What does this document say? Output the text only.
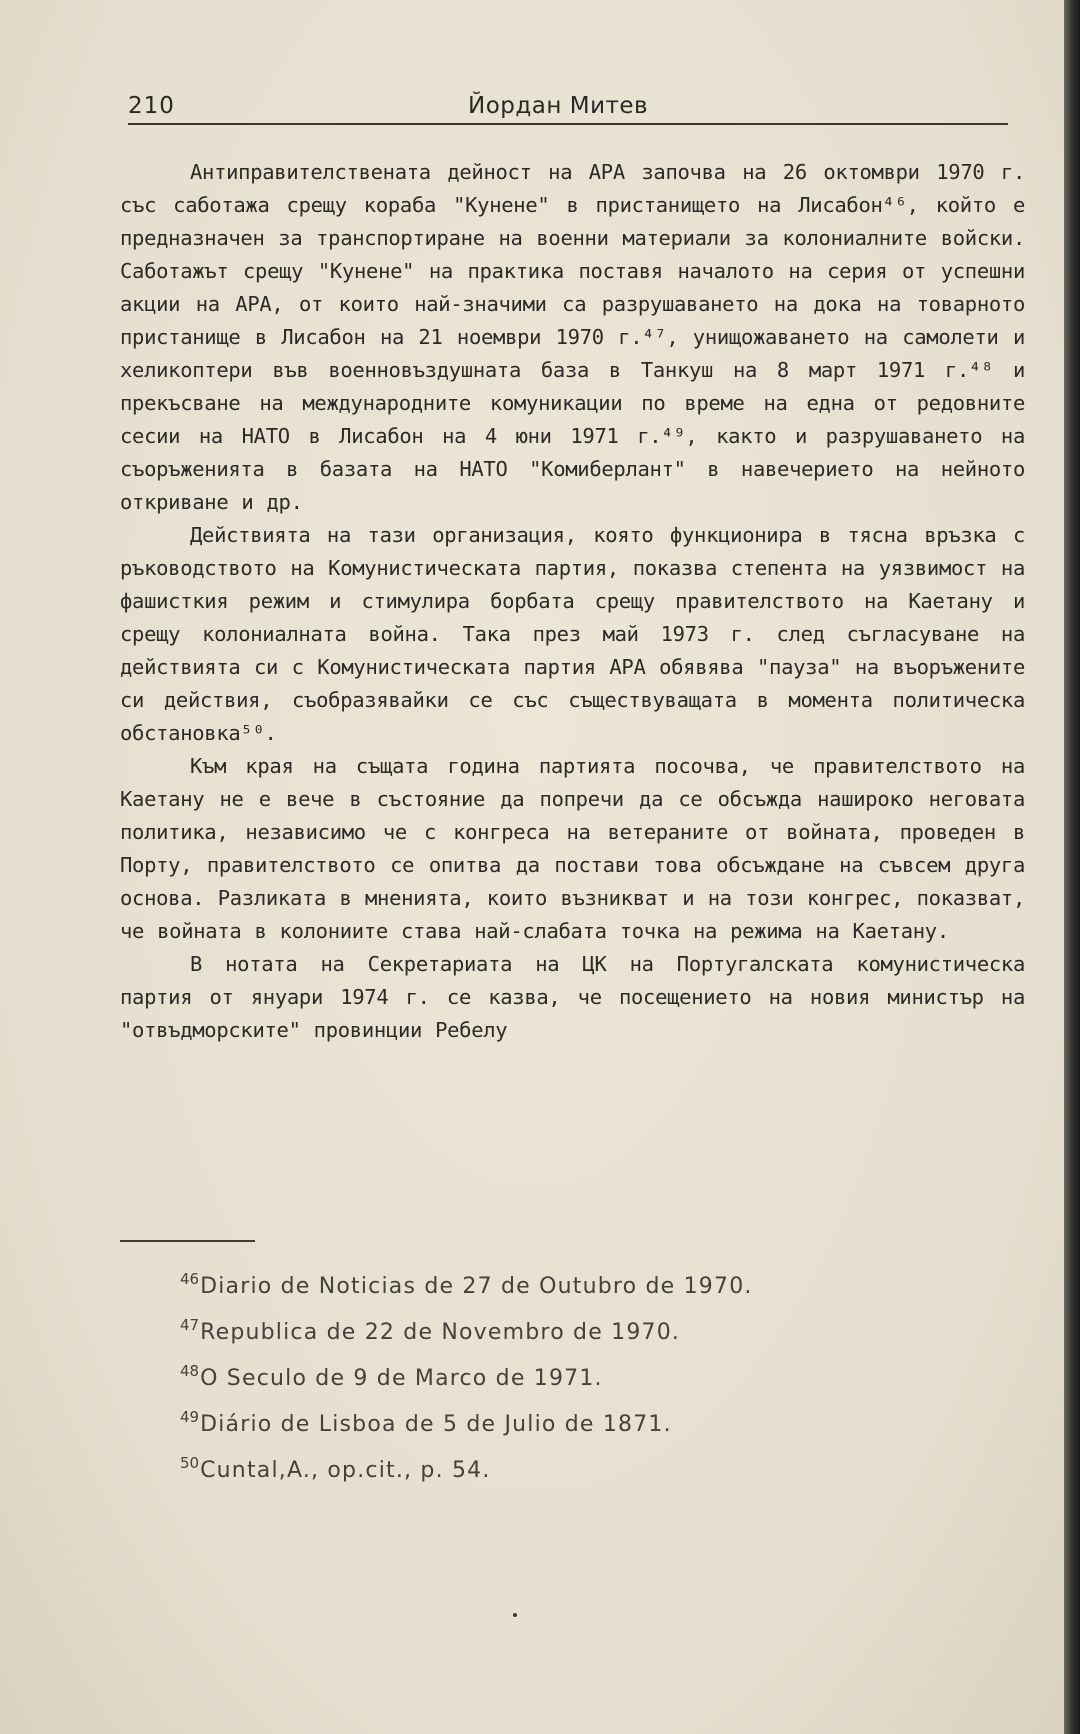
210	Йордан Митев

Антиправителствената дейност на АРА започва на 26 октомври 1970 г. със саботажа срещу кораба "Кунене" в пристанището на Лисабон⁴⁶, който е предназначен за транспортиране на военни материали за колониалните войски. Саботажът срещу "Кунене" на практика поставя началото на серия от успешни акции на АРА, от които най-значими са разрушаването на дока на товарното пристанище в Лисабон на 21 ноември 1970 г.⁴⁷, унищожаването на самолети и хеликоптери във военновъздушната база в Танкуш на 8 март 1971 г.⁴⁸ и прекъсване на международните комуникации по време на една от редовните сесии на НАТО в Лисабон на 4 юни 1971 г.⁴⁹, както и разрушаването на съоръженията в базата на НАТО "Комиберлант" в навечерието на нейното откриване и др.

Действията на тази организация, която функционира в тясна връзка с ръководството на Комунистическата партия, показва степента на уязвимост на фашисткия режим и стимулира борбата срещу правителството на Каетану и срещу колониалната война. Така през май 1973 г. след съгласуване на действията си с Комунистическата партия АРА обявява "пауза" на въоръжените си действия, съобразявайки се със съществуващата в момента политическа обстановка⁵⁰.

Към края на същата година партията посочва, че правителството на Каетану не е вече в състояние да попречи да се обсъжда нашироко неговата политика, независимо че с конгреса на ветераните от войната, проведен в Порту, правителството се опитва да постави това обсъждане на съвсем друга основа. Разликата в мненията, които възникват и на този конгрес, показват, че войната в колониите става най-слабата точка на режима на Каетану.

В нотата на Секретариата на ЦК на Португалската комунистическа партия от януари 1974 г. се казва, че посещението на новия министър на "отвъдморските" провинции Ребелу

$^{46}$Diario de Noticias de 27 de Outubro de 1970.
$^{47}$Republica de 22 de Novembro de 1970.
$^{48}$O Seculo de 9 de Marco de 1971.
$^{49}$Diário de Lisboa de 5 de Julio de 1871.
$^{50}$Cuntal,A., op.cit., p. 54.
